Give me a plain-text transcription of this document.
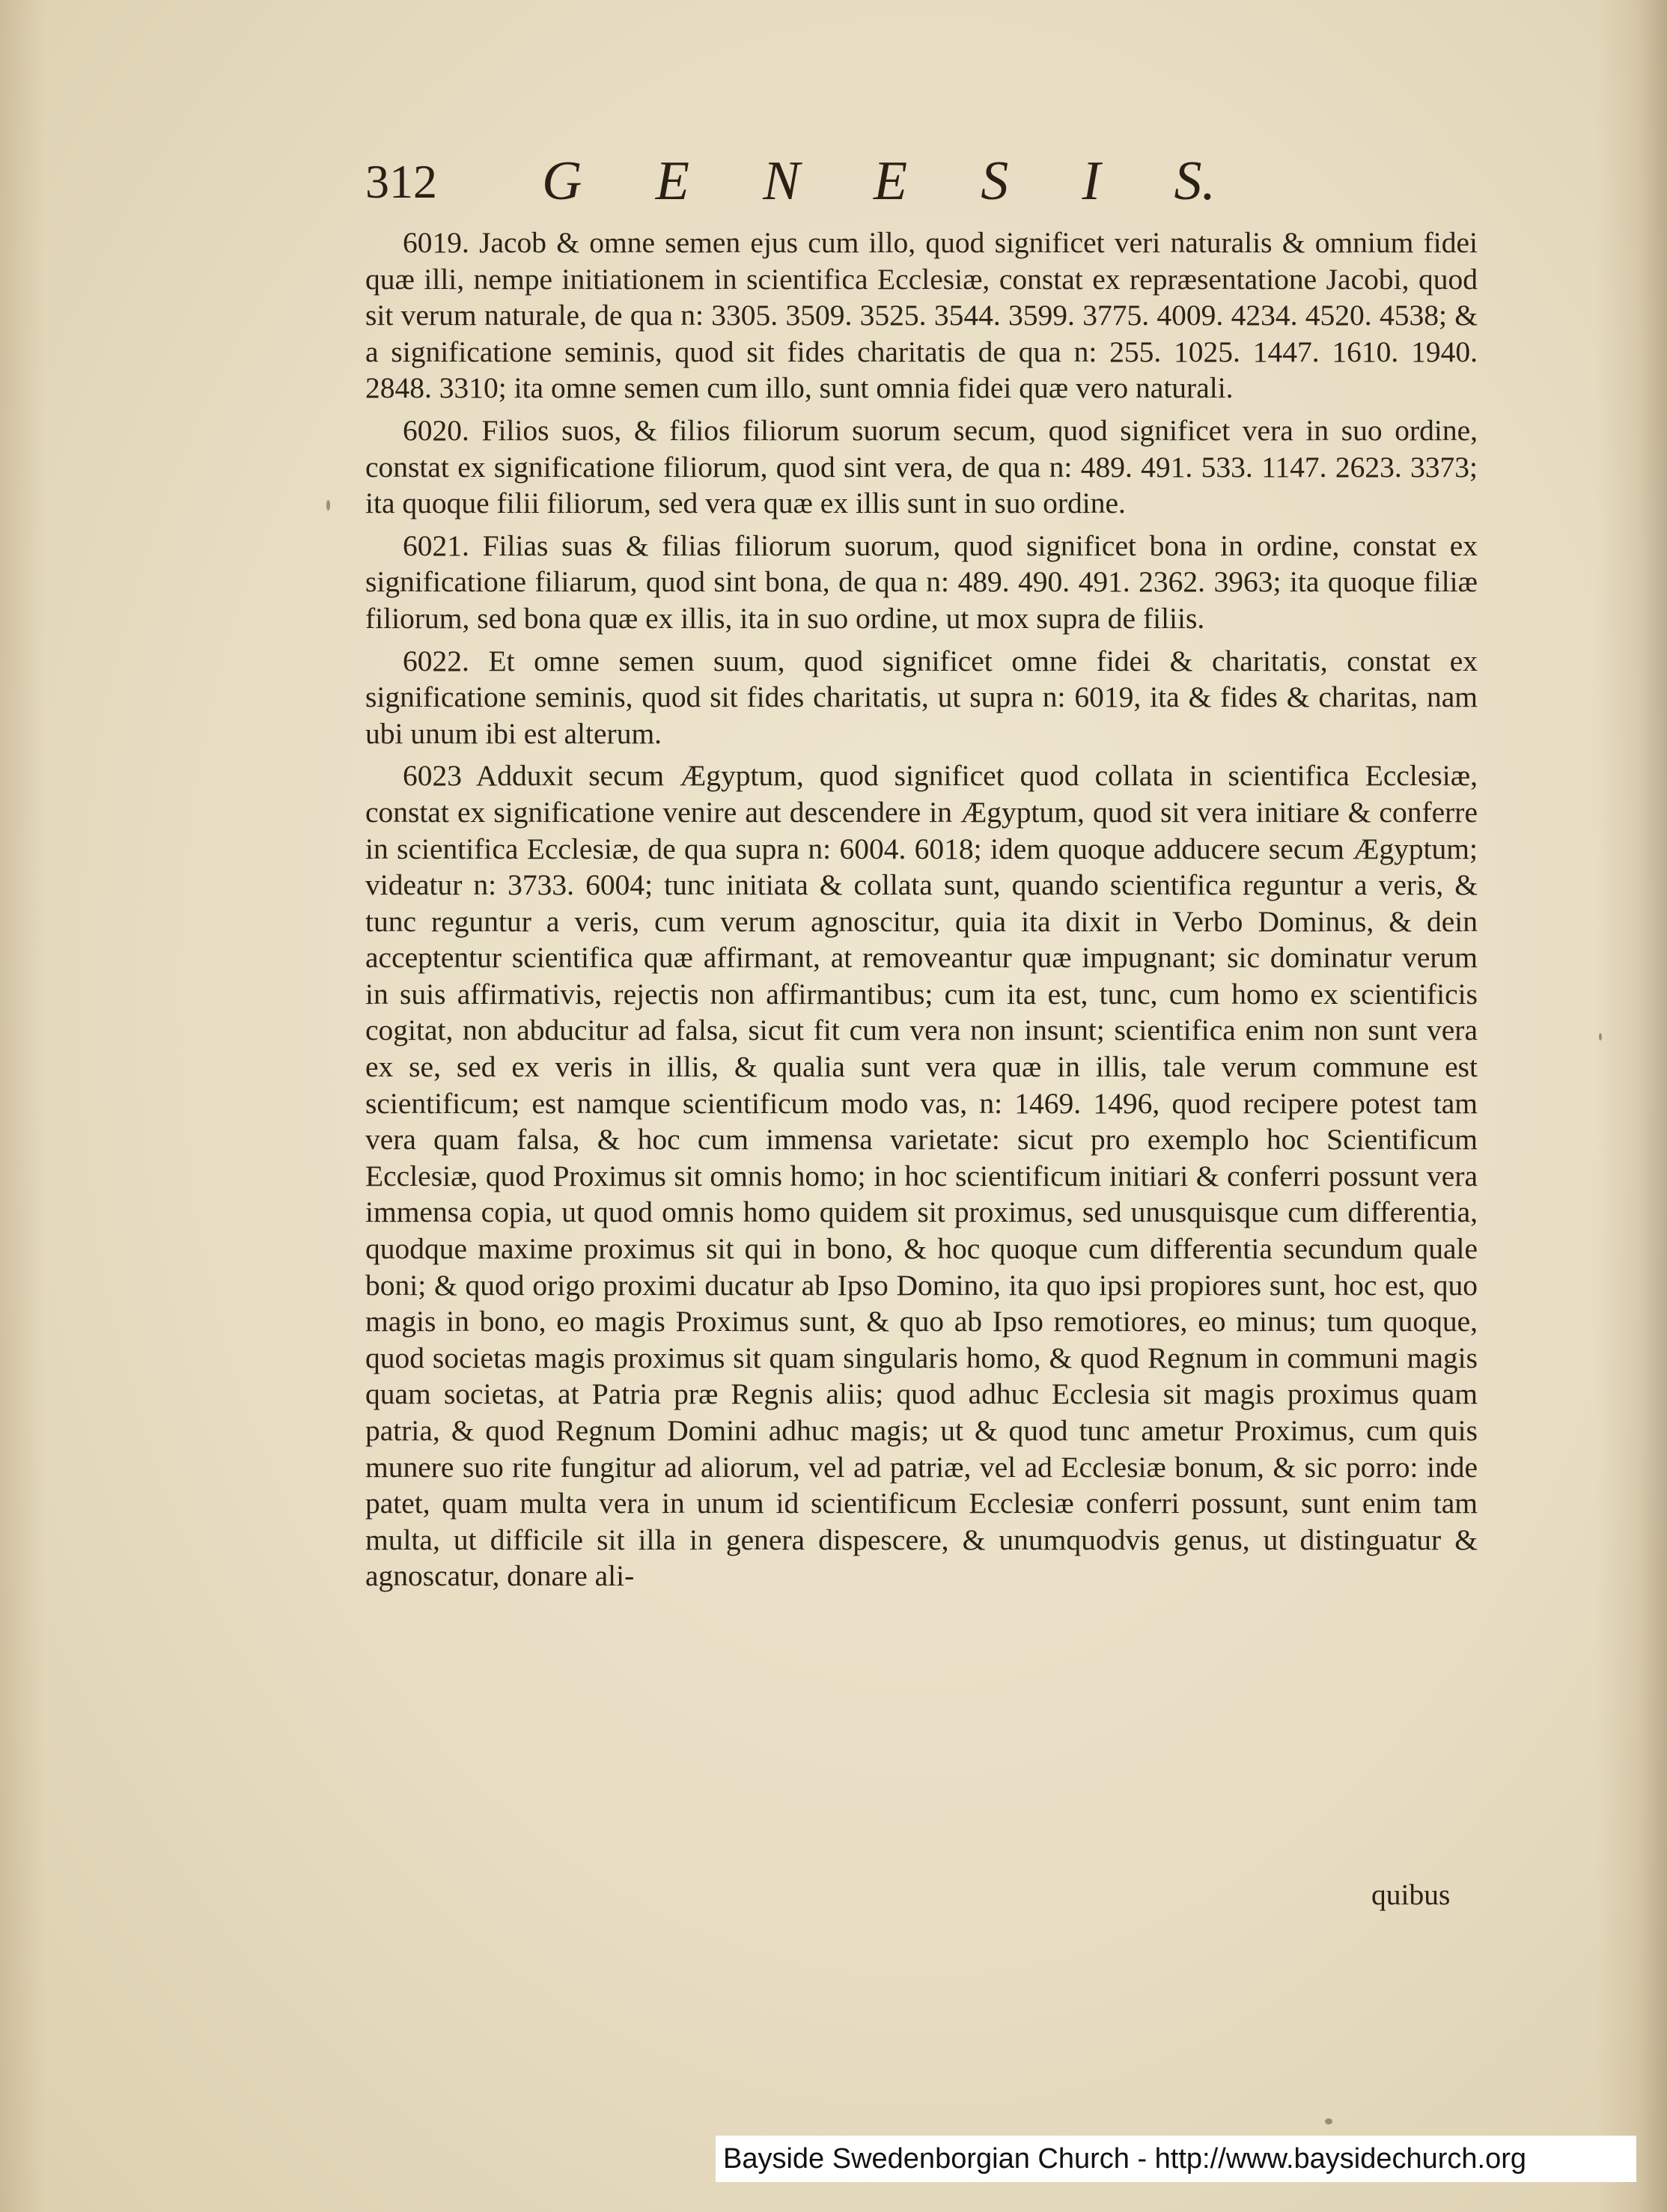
312 G E N E S I S.

6019. Jacob & omne semen ejus cum illo, quod significet veri naturalis & omnium fidei quæ illi, nempe initiationem in scientifica Ecclesiæ, constat ex repræsentatione Jacobi, quod sit verum naturale, de qua n: 3305. 3509. 3525. 3544. 3599. 3775. 4009. 4234. 4520. 4538; & a significatione seminis, quod sit fides charitatis de qua n: 255. 1025. 1447. 1610. 1940. 2848. 3310; ita omne semen cum illo, sunt omnia fidei quæ vero naturali.

6020. Filios suos, & filios filiorum suorum secum, quod significet vera in suo ordine, constat ex significatione filiorum, quod sint vera, de qua n: 489. 491. 533. 1147. 2623. 3373; ita quoque filii filiorum, sed vera quæ ex illis sunt in suo ordine.

6021. Filias suas & filias filiorum suorum, quod significet bona in ordine, constat ex significatione filiarum, quod sint bona, de qua n: 489. 490. 491. 2362. 3963; ita quoque filiæ filiorum, sed bona quæ ex illis, ita in suo ordine, ut mox supra de filiis.

6022. Et omne semen suum, quod significet omne fidei & charitatis, constat ex significatione seminis, quod sit fides charitatis, ut supra n: 6019, ita & fides & charitas, nam ubi unum ibi est alterum.

6023 Adduxit secum Ægyptum, quod significet quod collata in scientifica Ecclesiæ, constat ex significatione venire aut descendere in Ægyptum, quod sit vera initiare & conferre in scientifica Ecclesiæ, de qua supra n: 6004. 6018; idem quoque adducere secum Ægyptum; videatur n: 3733. 6004; tunc initiata & collata sunt, quando scientifica reguntur a veris, & tunc reguntur a veris, cum verum agnoscitur, quia ita dixit in Verbo Dominus, & dein acceptentur scientifica quæ affirmant, at removeantur quæ impugnant; sic dominatur verum in suis affirmativis, rejectis non affirmantibus; cum ita est, tunc, cum homo ex scientificis cogitat, non abducitur ad falsa, sicut fit cum vera non insunt; scientifica enim non sunt vera ex se, sed ex veris in illis, & qualia sunt vera quæ in illis, tale verum commune est scientificum; est namque scientificum modo vas, n: 1469. 1496, quod recipere potest tam vera quam falsa, & hoc cum immensa varietate: sicut pro exemplo hoc Scientificum Ecclesiæ, quod Proximus sit omnis homo; in hoc scientificum initiari & conferri possunt vera immensa copia, ut quod omnis homo quidem sit proximus, sed unusquisque cum differentia, quodque maxime proximus sit qui in bono, & hoc quoque cum differentia secundum quale boni; & quod origo proximi ducatur ab Ipso Domino, ita quo ipsi propiores sunt, hoc est, quo magis in bono, eo magis Proximus sunt, & quo ab Ipso remotiores, eo minus; tum quoque, quod societas magis proximus sit quam singularis homo, & quod Regnum in communi magis quam societas, at Patria præ Regnis aliis; quod adhuc Ecclesia sit magis proximus quam patria, & quod Regnum Domini adhuc magis; ut & quod tunc ametur Proximus, cum quis munere suo rite fungitur ad aliorum, vel ad patriæ, vel ad Ecclesiæ bonum, & sic porro: inde patet, quam multa vera in unum id scientificum Ecclesiæ conferri possunt, sunt enim tam multa, ut difficile sit illa in genera dispescere, & unumquodvis genus, ut distinguatur & agnoscatur, donare ali-

quibus
Bayside Swedenborgian Church - http://www.baysidechurch.org
